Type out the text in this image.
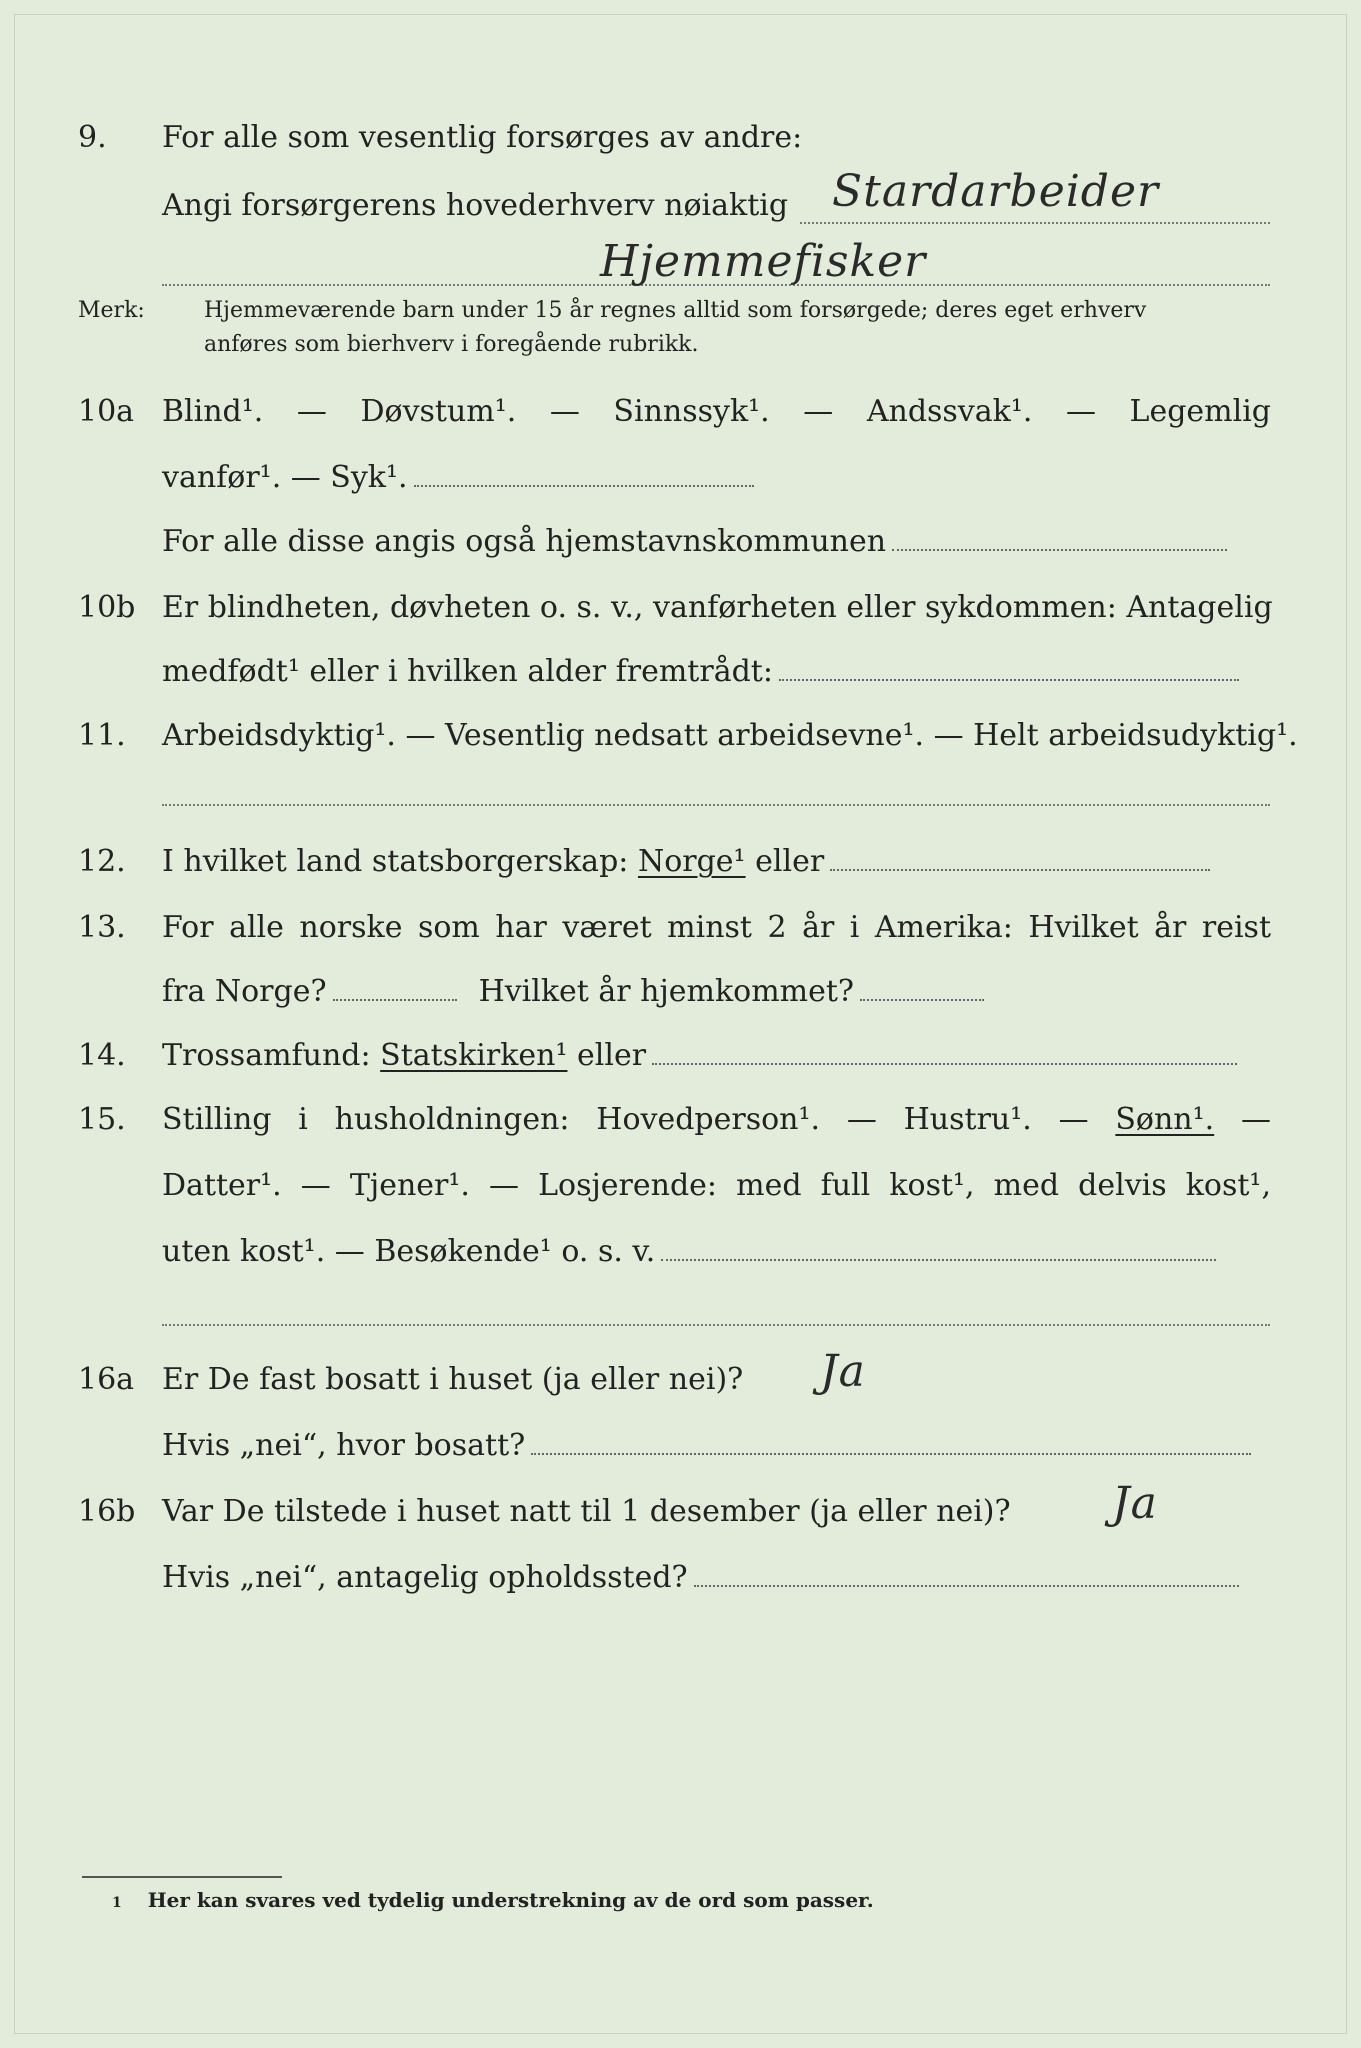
9.	For alle som vesentlig forsørges av andre:
Angi forsørgerens hovederhverv nøiaktig Stardarbeider
Hjemmefisker
Merk:	Hjemmeværende barn under 15 år regnes alltid som forsørgede; deres eget erhverv
anføres som bierhverv i foregående rubrikk.
10a Blind¹. — Døvstum¹. — Sinnssyk¹. — Andssvak¹. — Legemlig
vanfør¹. — Syk¹.
For alle disse angis også hjemstavnskommunen
10b Er blindheten, døvheten o. s. v., vanførheten eller sykdommen: Antagelig
medfødt¹ eller i hvilken alder fremtrådt:
11.	Arbeidsdyktig¹. — Vesentlig nedsatt arbeidsevne¹. — Helt arbeidsudyktig¹.
12.	I hvilket land statsborgerskap: Norge¹ eller
13.	For alle norske som har været minst 2 år i Amerika: Hvilket år reist
fra Norge?	Hvilket år hjemkommet?
14.	Trossamfund: Statskirken¹ eller
15.	Stilling i husholdningen: Hovedperson¹. — Hustru¹. — Sønn¹. —
Datter¹. — Tjener¹. — Losjerende: med full kost¹, med delvis kost¹,
uten kost¹. — Besøkende¹ o. s. v.
16a Er De fast bosatt i huset (ja eller nei)?	Ja
Hvis „nei“, hvor bosatt?
16b Var De tilstede i huset natt til 1 desember (ja eller nei)?	Ja
Hvis „nei“, antagelig opholdssted?
1 Her kan svares ved tydelig understrekning av de ord som passer.
